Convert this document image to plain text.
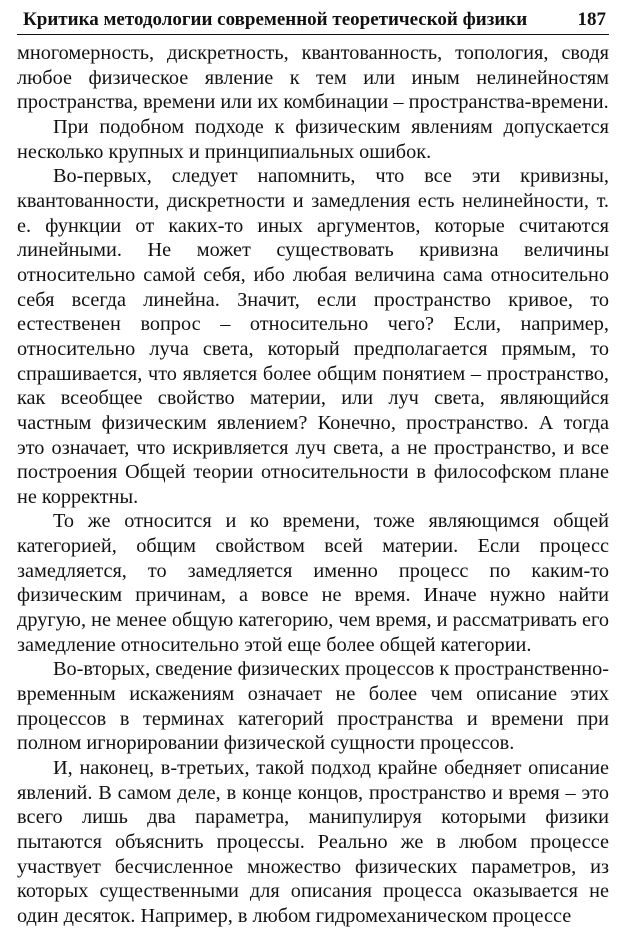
Критика методологии современной теоретической физики	187

многомерность, дискретность, квантованность, топология, сводя любое физическое явление к тем или иным нелинейностям пространства, времени или их комбинации – пространства-времени.

При подобном подходе к физическим явлениям допускается несколько крупных и принципиальных ошибок.

Во-первых, следует напомнить, что все эти кривизны, квантованности, дискретности и замедления есть нелинейности, т. е. функции от каких-то иных аргументов, которые считаются линейными. Не может существовать кривизна величины относительно самой себя, ибо любая величина сама относительно себя всегда линейна. Значит, если пространство кривое, то естественен вопрос – относительно чего? Если, например, относительно луча света, который предполагается прямым, то спрашивается, что является более общим понятием – пространство, как всеобщее свойство материи, или луч света, являющийся частным физическим явлением? Конечно, пространство. А тогда это означает, что искривляется луч света, а не пространство, и все построения Общей теории относительности в философском плане не корректны.

То же относится и ко времени, тоже являющимся общей категорией, общим свойством всей материи. Если процесс замедляется, то замедляется именно процесс по каким-то физическим причинам, а вовсе не время. Иначе нужно найти другую, не менее общую категорию, чем время, и рассматривать его замедление относительно этой еще более общей категории.

Во-вторых, сведение физических процессов к пространственно-временным искажениям означает не более чем описание этих процессов в терминах категорий пространства и времени при полном игнорировании физической сущности процессов.

И, наконец, в-третьих, такой подход крайне обедняет описание явлений. В самом деле, в конце концов, пространство и время – это всего лишь два параметра, манипулируя которыми физики пытаются объяснить процессы. Реально же в любом процессе участвует бесчисленное множество физических параметров, из которых существенными для описания процесса оказывается не один десяток. Например, в любом гидромеханическом процессе
